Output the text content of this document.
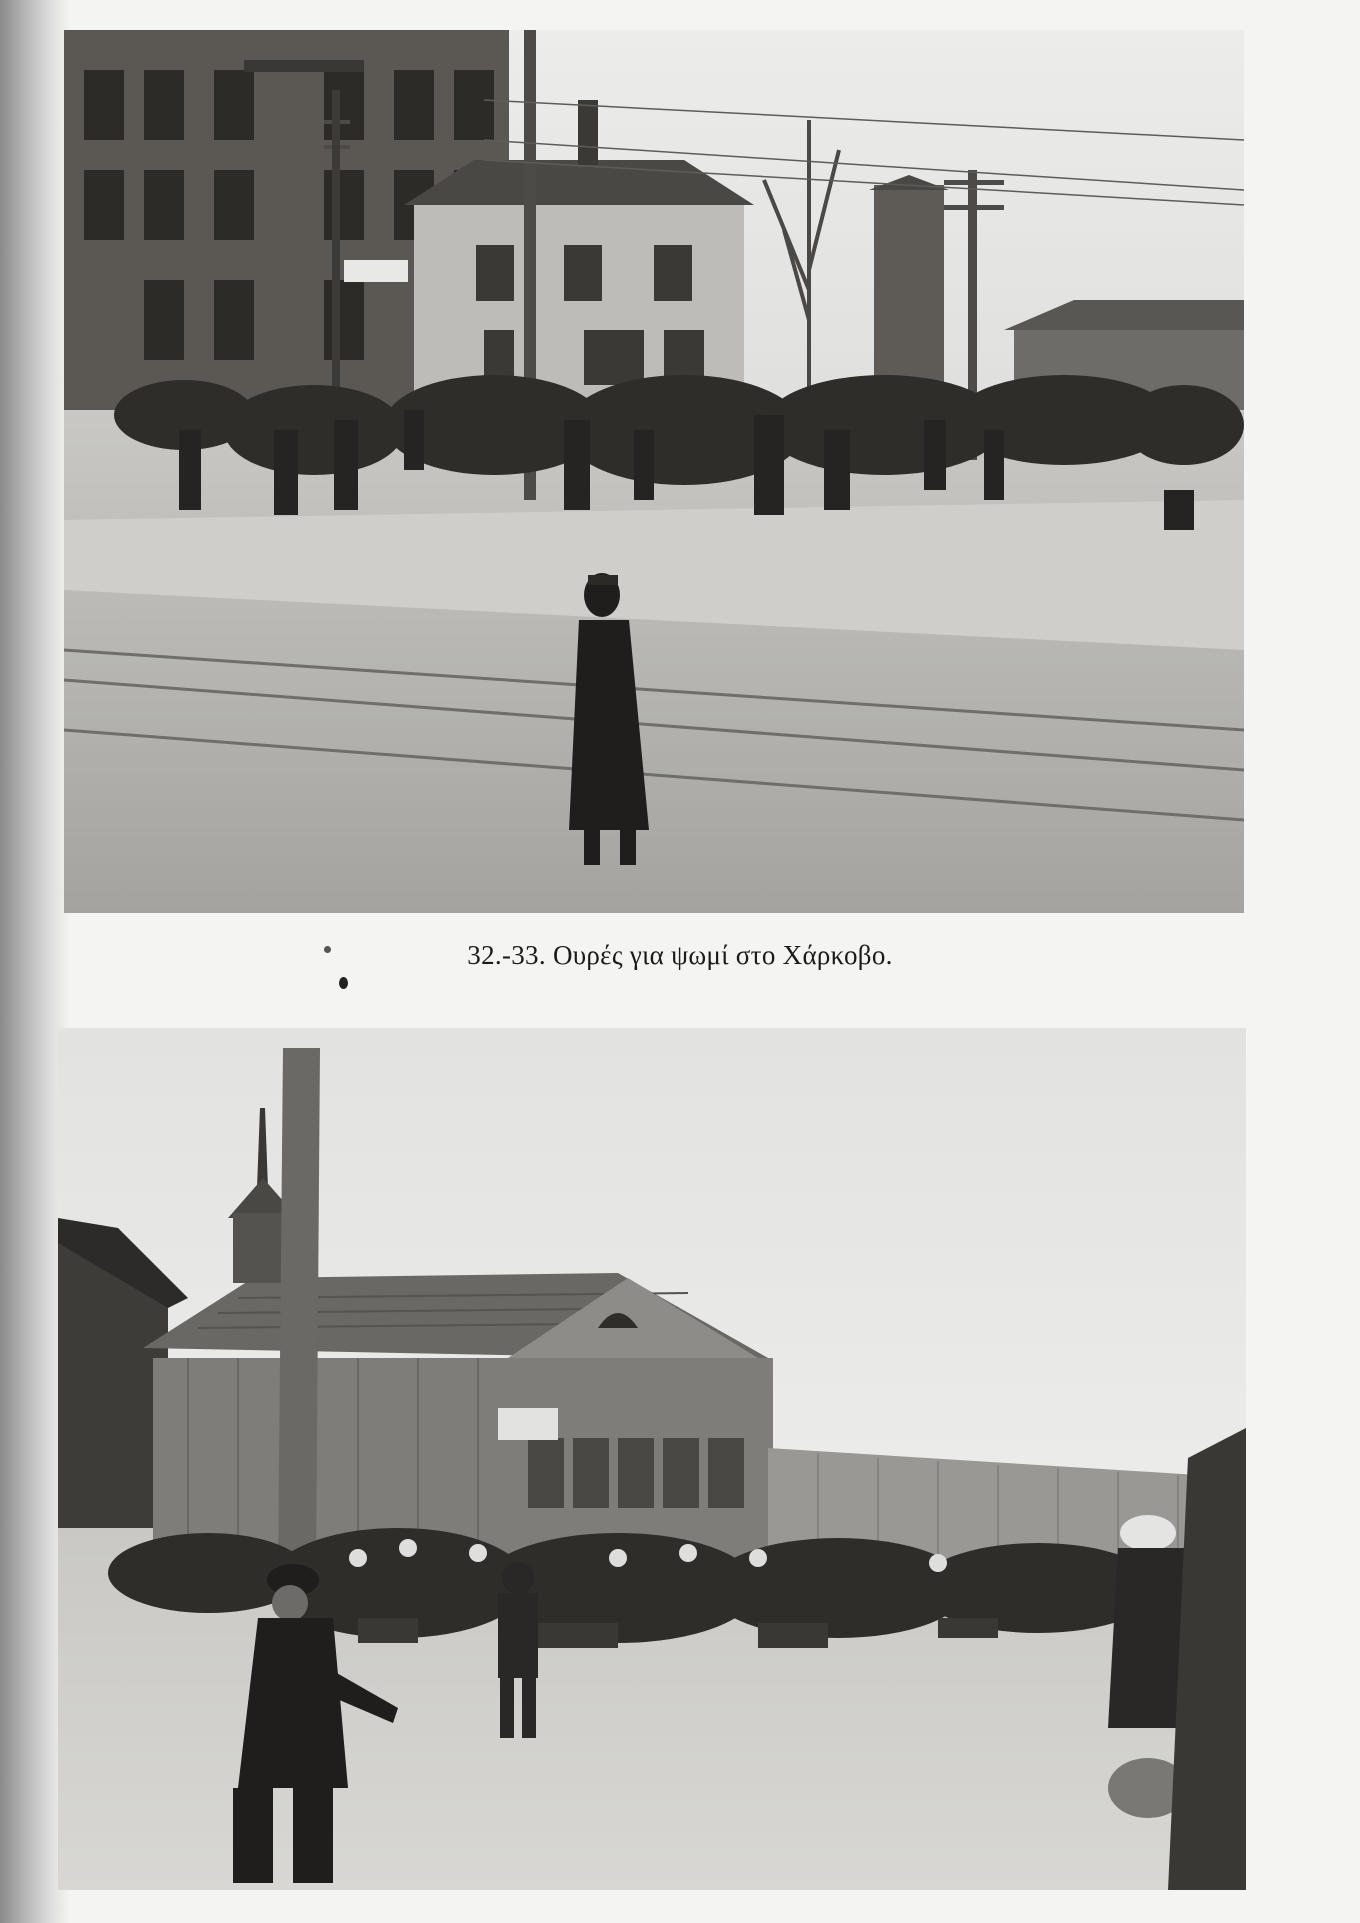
32.-33. Ουρές για ψωμί στο Χάρκοβο.
